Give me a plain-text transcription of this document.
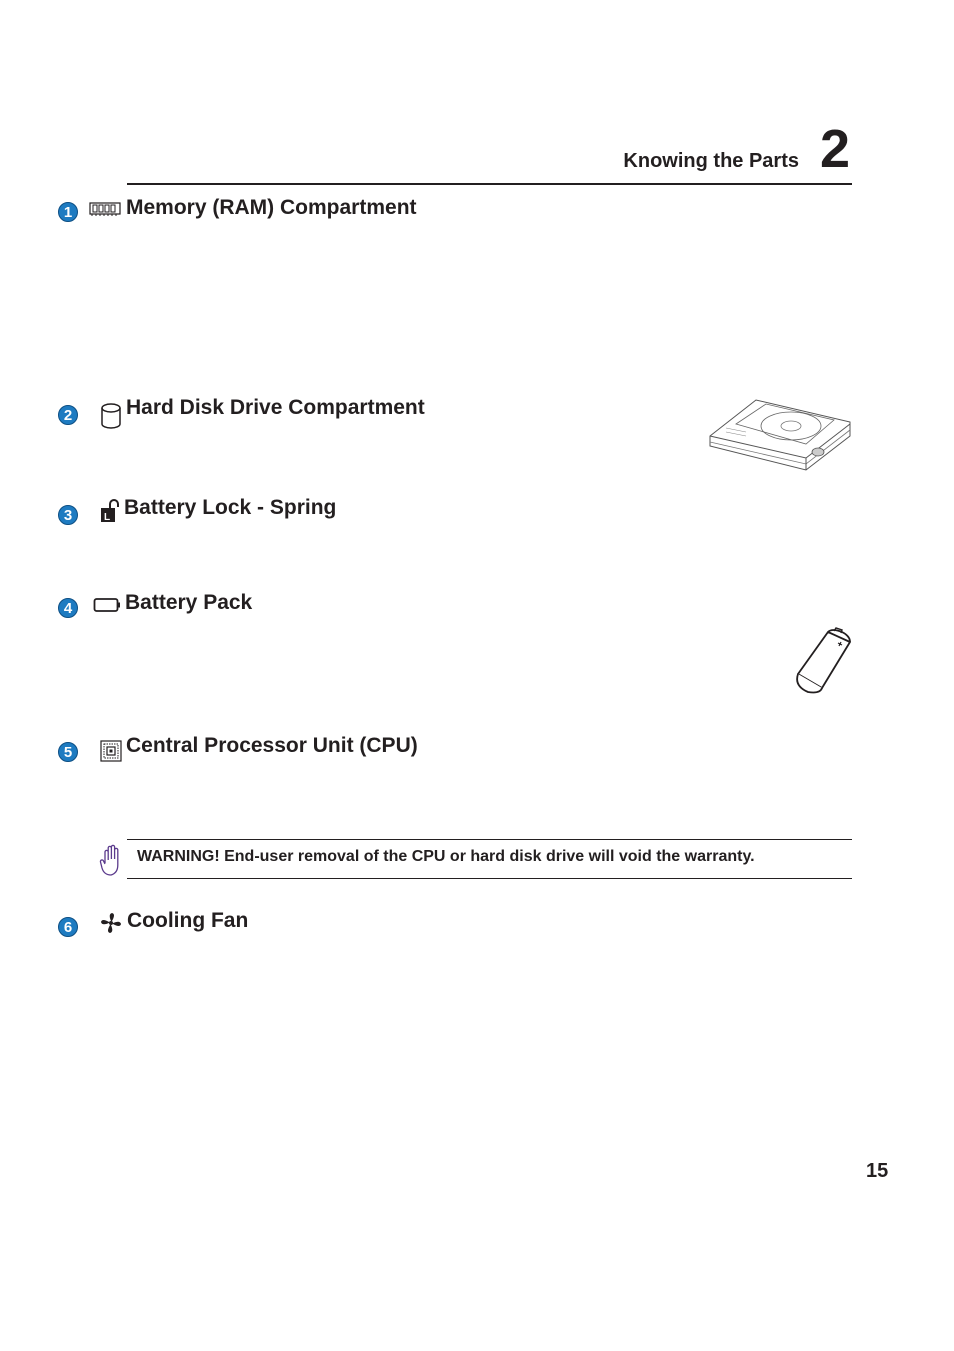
Knowing the Parts 2
1	Memory (RAM) Compartment
2	Hard Disk Drive Compartment
3	L Battery Lock - Spring
4	Battery Pack
5	Central Processor Unit (CPU)
WARNING! End-user removal of the CPU or hard disk drive will void the warranty.
6	Cooling Fan
15
